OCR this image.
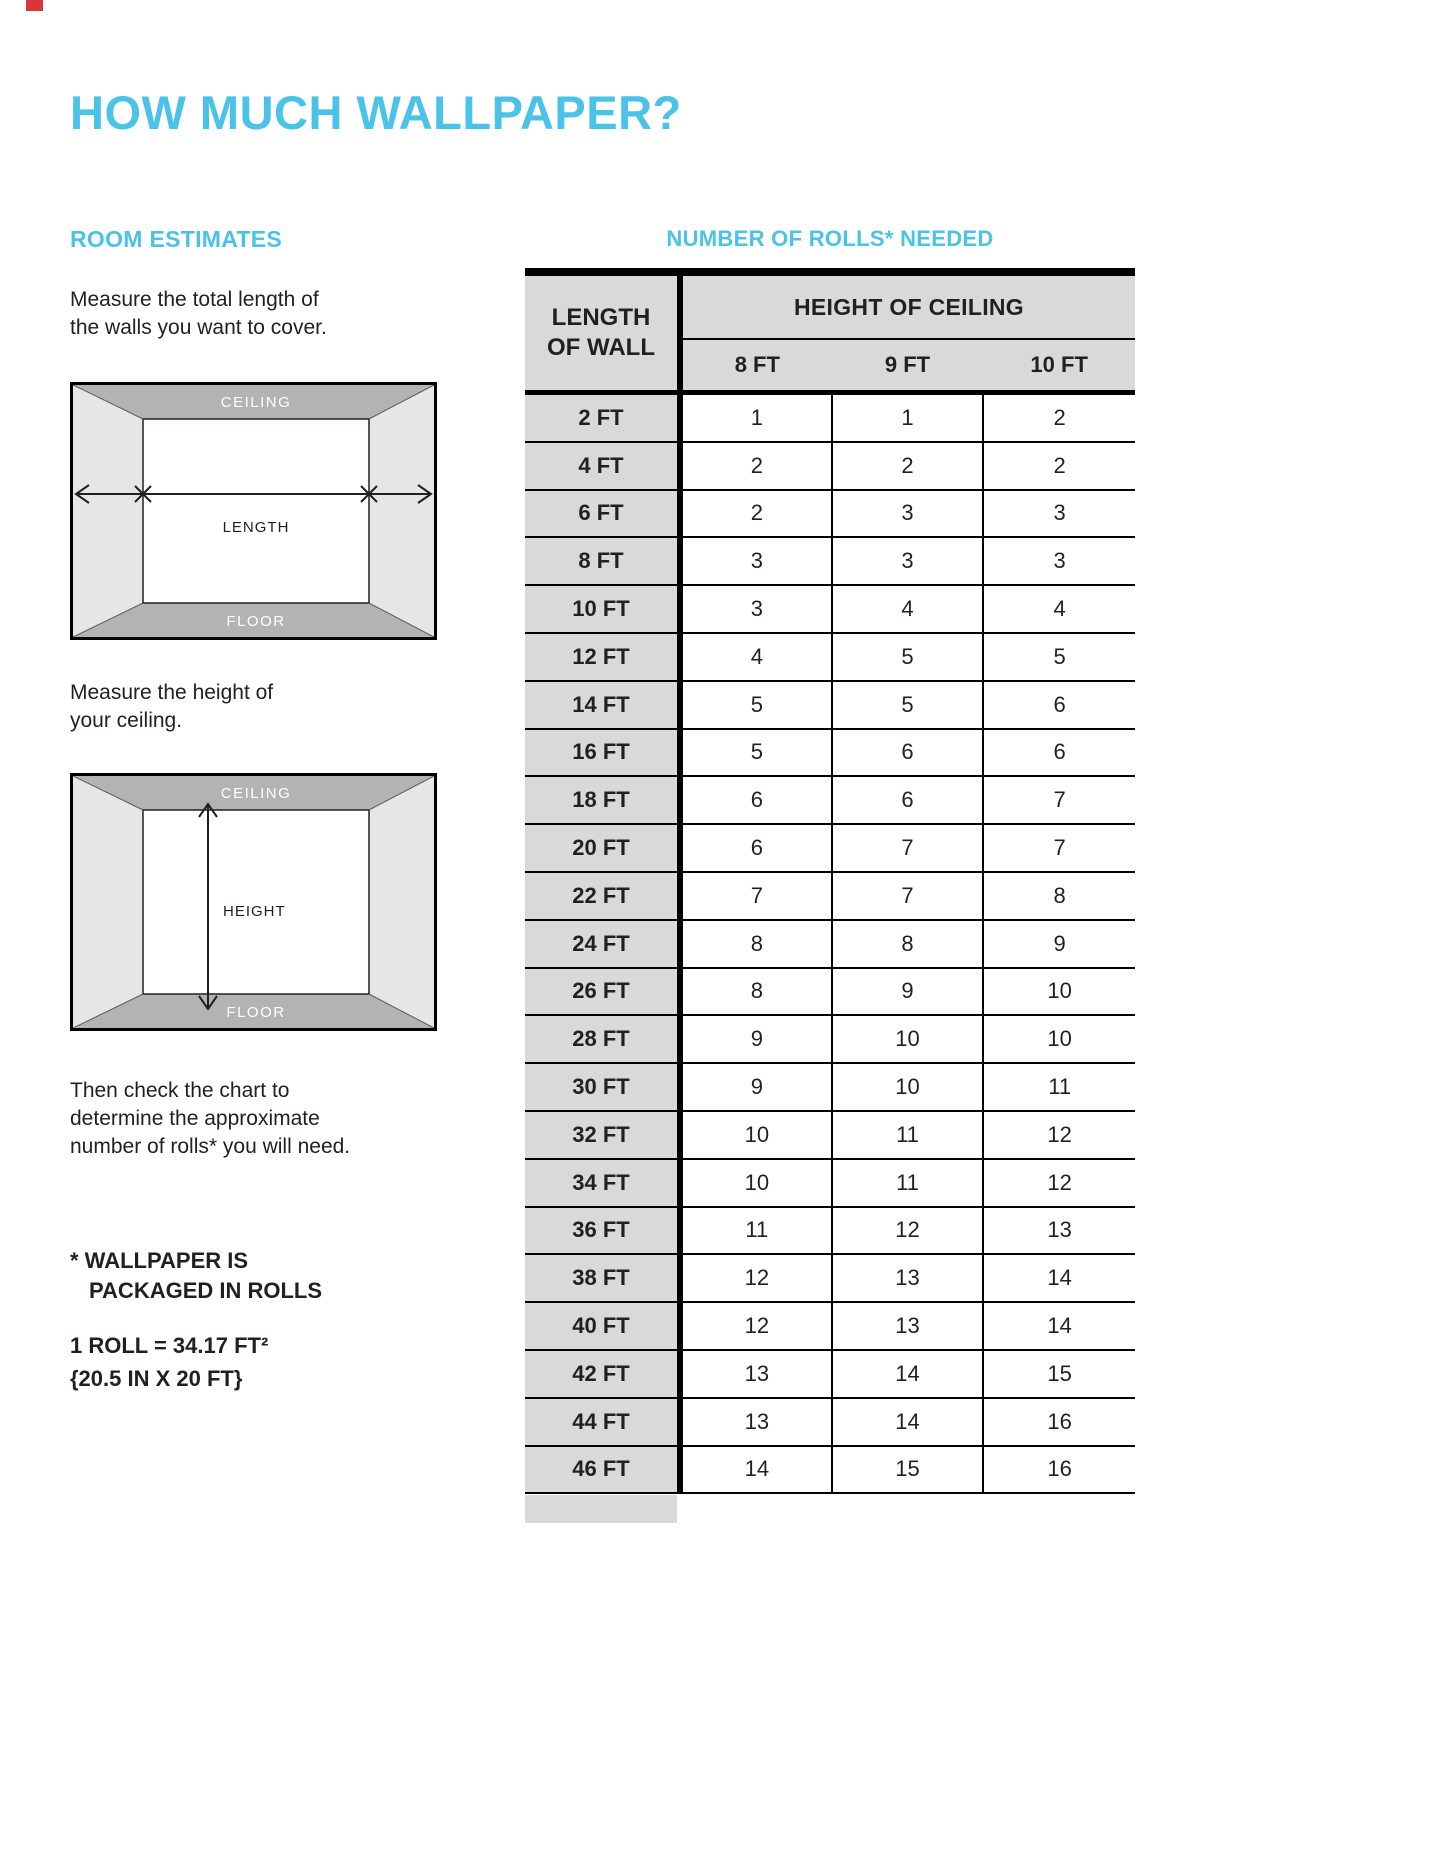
HOW MUCH WALLPAPER?
ROOM ESTIMATES
Measure the total length of
the walls you want to cover.
CEILING
LENGTH
FLOOR
Measure the height of
your ceiling.
CEILING
HEIGHT
FLOOR
Then check the chart to
determine the approximate
number of rolls* you will need.
* WALLPAPER IS
PACKAGED IN ROLLS
1 ROLL = 34.17 FT²
{20.5 IN X 20 FT}
NUMBER OF ROLLS* NEEDED
LENGTH
OF WALL	HEIGHT OF CEILING		
	8 FT	9 FT	10 FT
2 FT	1	1	2
4 FT	2	2	2
6 FT	2	3	3
8 FT	3	3	3
10 FT	3	4	4
12 FT	4	5	5
14 FT	5	5	6
16 FT	5	6	6
18 FT	6	6	7
20 FT	6	7	7
22 FT	7	7	8
24 FT	8	8	9
26 FT	8	9	10
28 FT	9	10	10
30 FT	9	10	11
32 FT	10	11	12
34 FT	10	11	12
36 FT	11	12	13
38 FT	12	13	14
40 FT	12	13	14
42 FT	13	14	15
44 FT	13	14	16
46 FT	14	15	16
